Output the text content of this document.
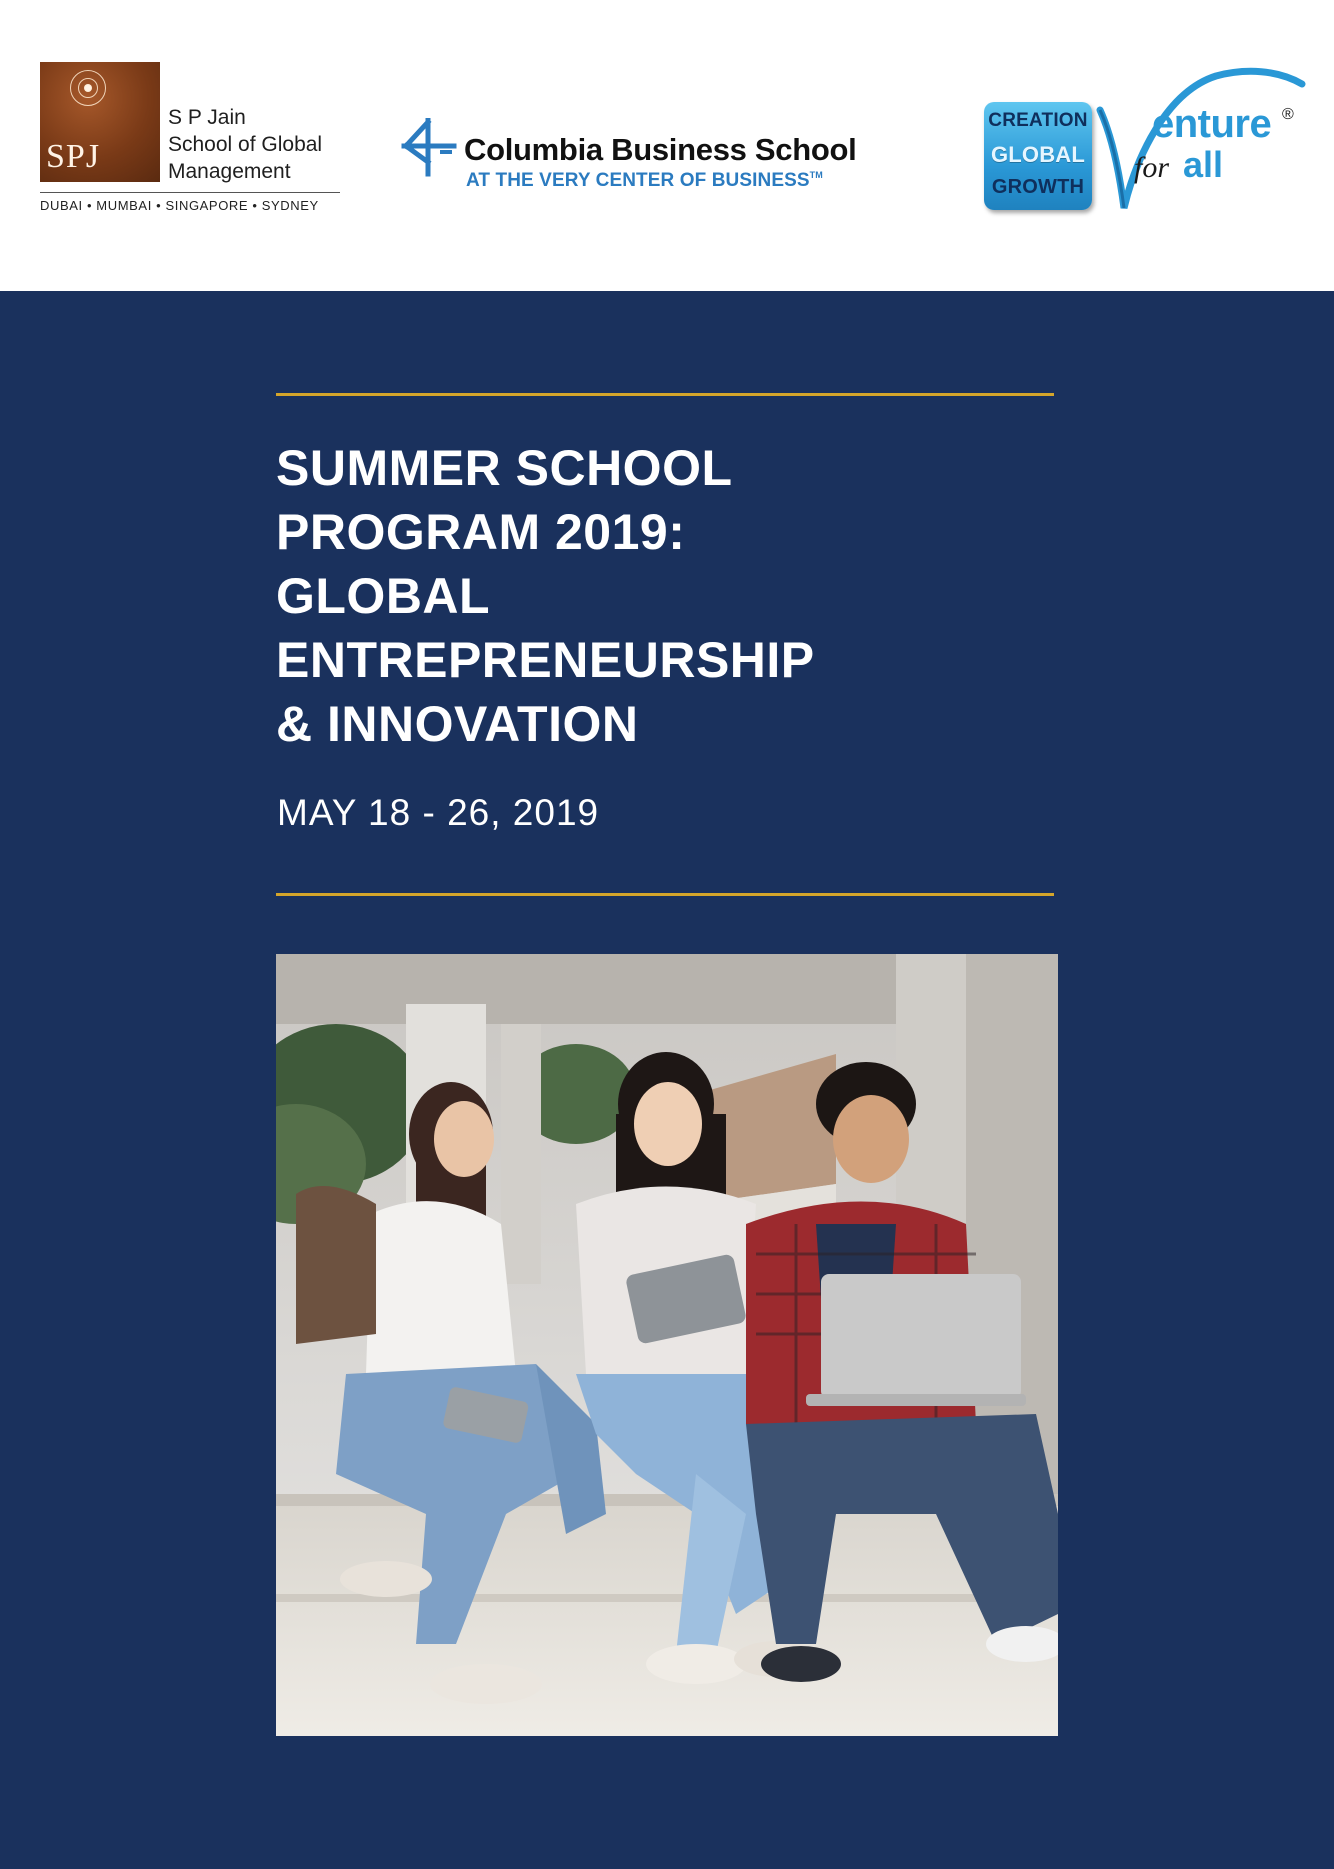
SPJ
S P Jain
School of Global
Management
DUBAI • MUMBAI • SINGAPORE • SYDNEY
Columbia Business School
AT THE VERY CENTER OF BUSINESS™
CREATION
GLOBAL
GROWTH
enture ®
for all
SUMMER SCHOOL
PROGRAM 2019:
GLOBAL
ENTREPRENEURSHIP
& INNOVATION
MAY 18 - 26, 2019
